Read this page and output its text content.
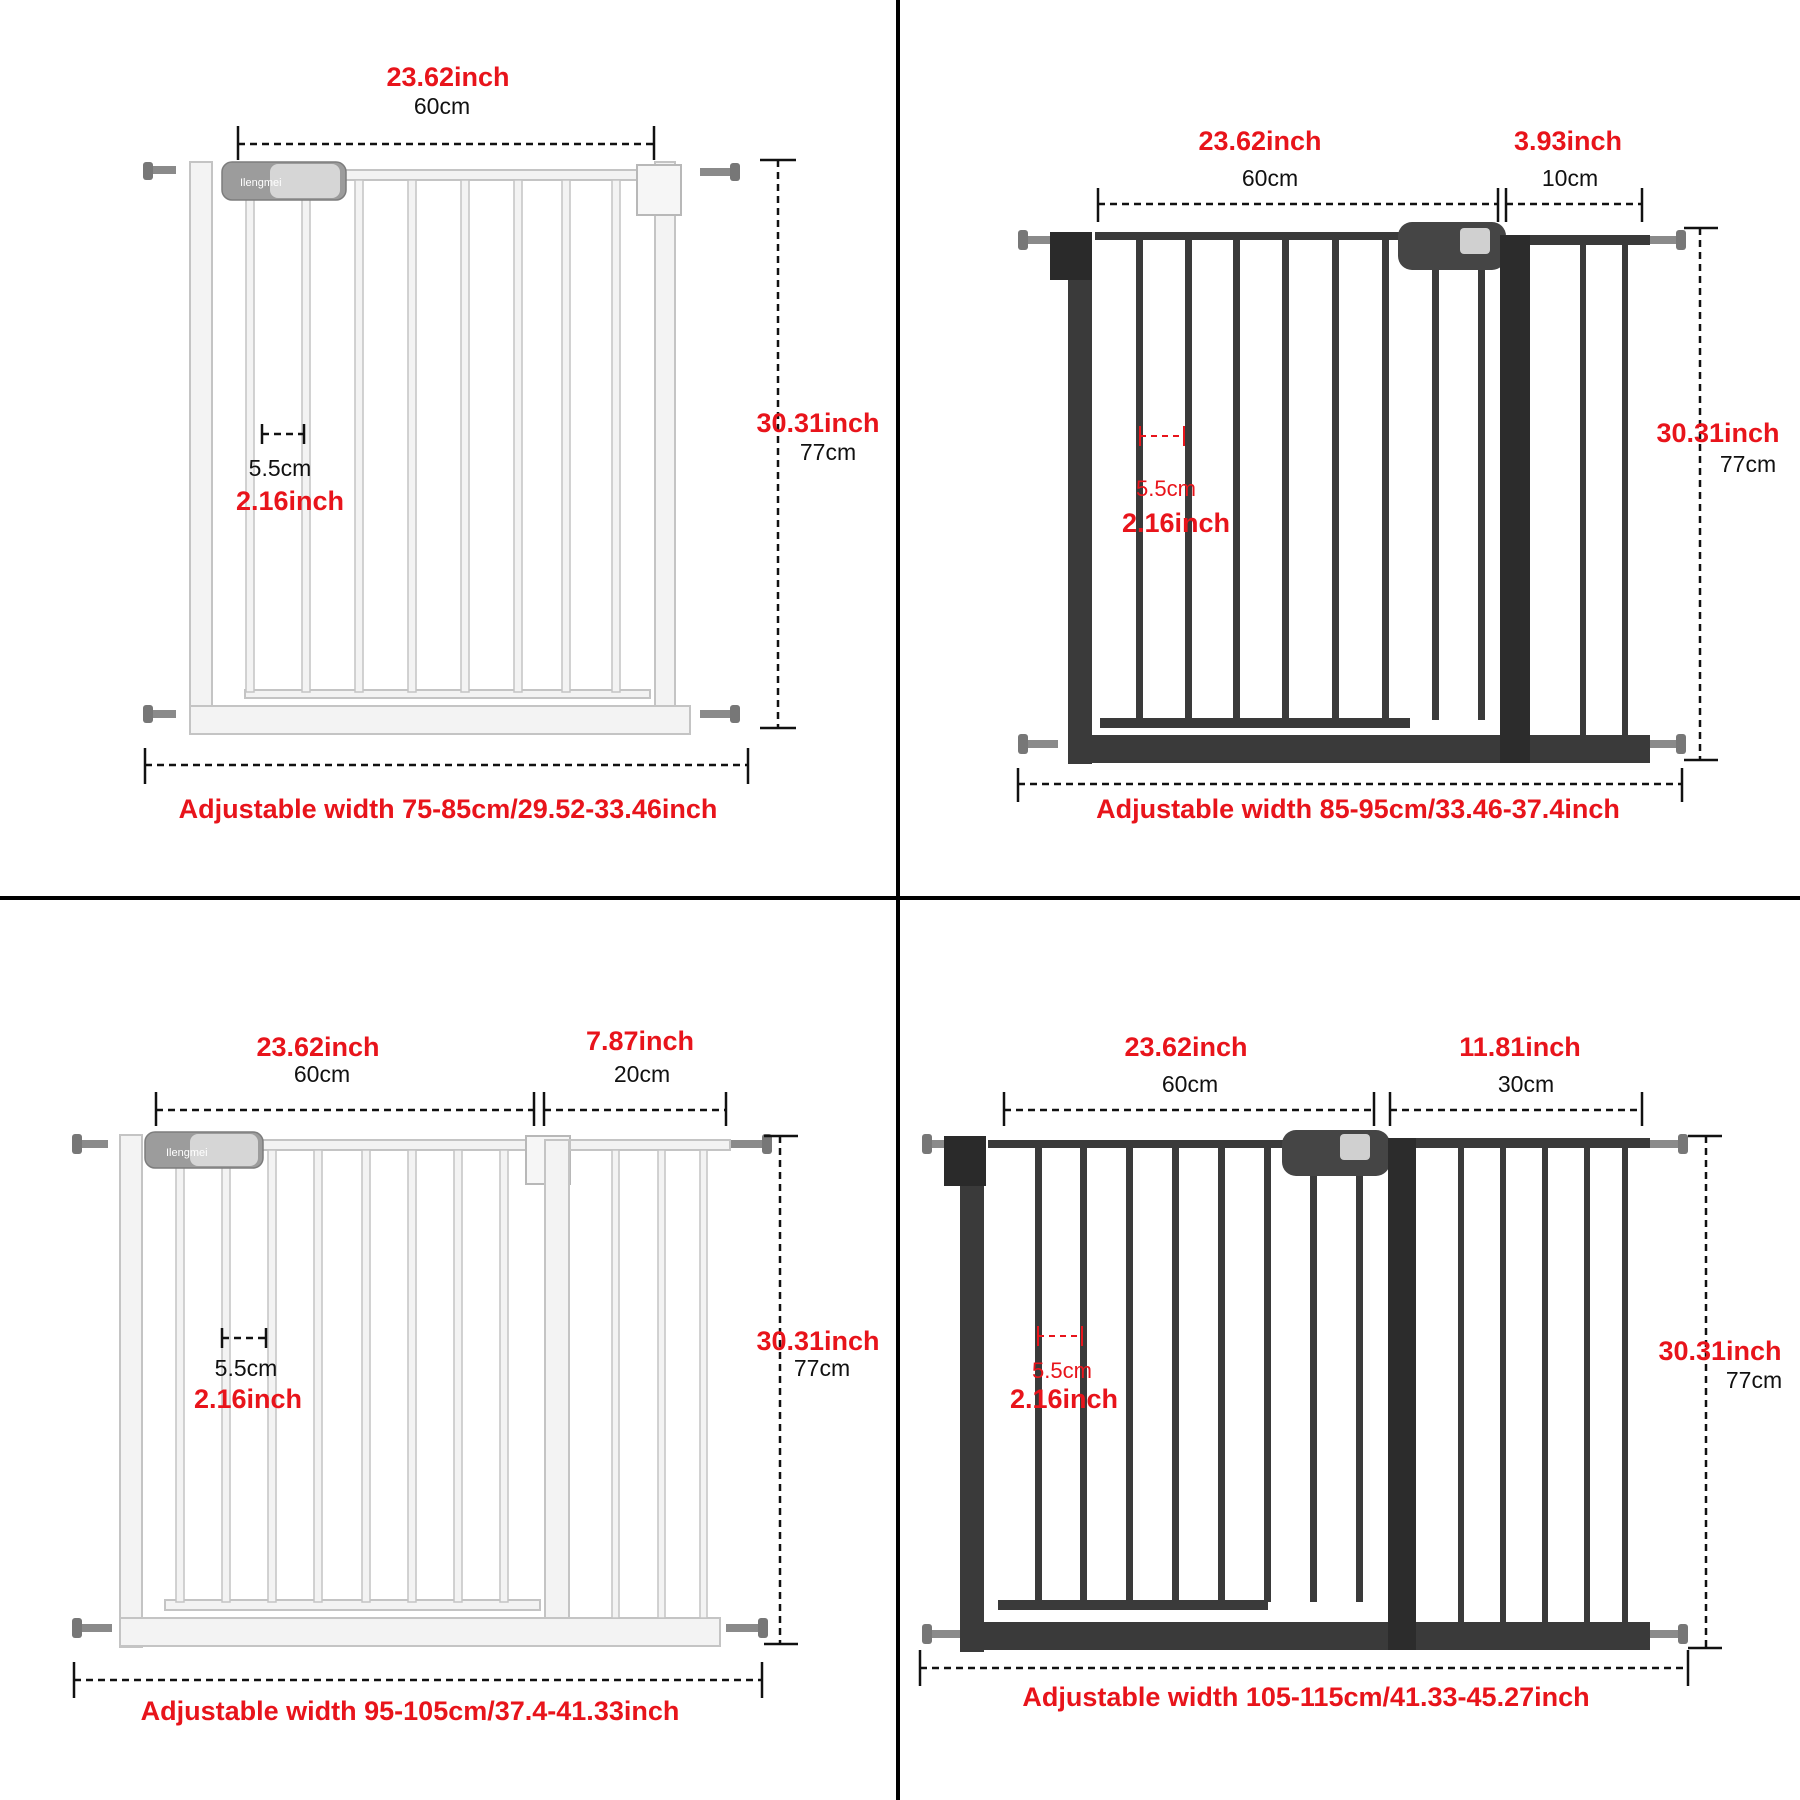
Ilengmei
23.62inch
60cm
30.31inch
77cm
5.5cm
2.16inch
Adjustable width 75-85cm/29.52-33.46inch
23.62inch
60cm
3.93inch
10cm
30.31inch
77cm
5.5cm
2.16inch
Adjustable width 85-95cm/33.46-37.4inch
Ilengmei
23.62inch
60cm
7.87inch
20cm
30.31inch
77cm
5.5cm
2.16inch
Adjustable width 95-105cm/37.4-41.33inch
23.62inch
60cm
11.81inch
30cm
30.31inch
77cm
5.5cm
2.16inch
Adjustable width 105-115cm/41.33-45.27inch
